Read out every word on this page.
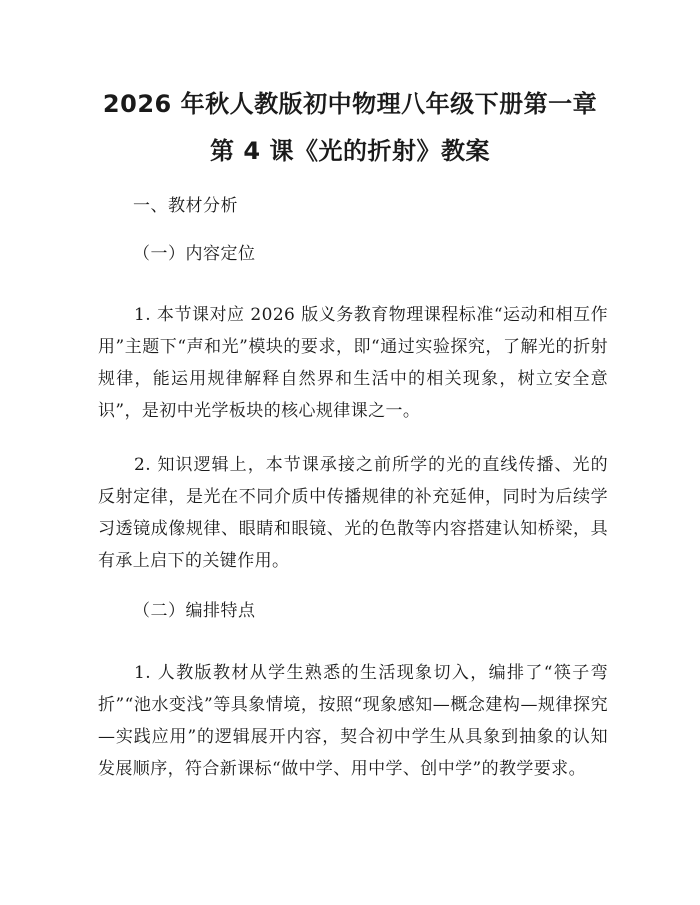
2026 年秋人教版初中物理八年级下册第一章
第 4 课《光的折射》教案
一、教材分析
（一）内容定位

1. 本节课对应 2026 版义务教育物理课程标准“运动和相互作用”主题下“声和光”模块的要求，即“通过实验探究，了解光的折射规律，能运用规律解释自然界和生活中的相关现象，树立安全意识”，是初中光学板块的核心规律课之一。

2. 知识逻辑上，本节课承接之前所学的光的直线传播、光的反射定律，是光在不同介质中传播规律的补充延伸，同时为后续学习透镜成像规律、眼睛和眼镜、光的色散等内容搭建认知桥梁，具有承上启下的关键作用。

（二）编排特点

1. 人教版教材从学生熟悉的生活现象切入，编排了“筷子弯折”“池水变浅”等具象情境，按照“现象感知—概念建构—规律探究—实践应用”的逻辑展开内容，契合初中学生从具象到抽象的认知发展顺序，符合新课标“做中学、用中学、创中学”的教学要求。
